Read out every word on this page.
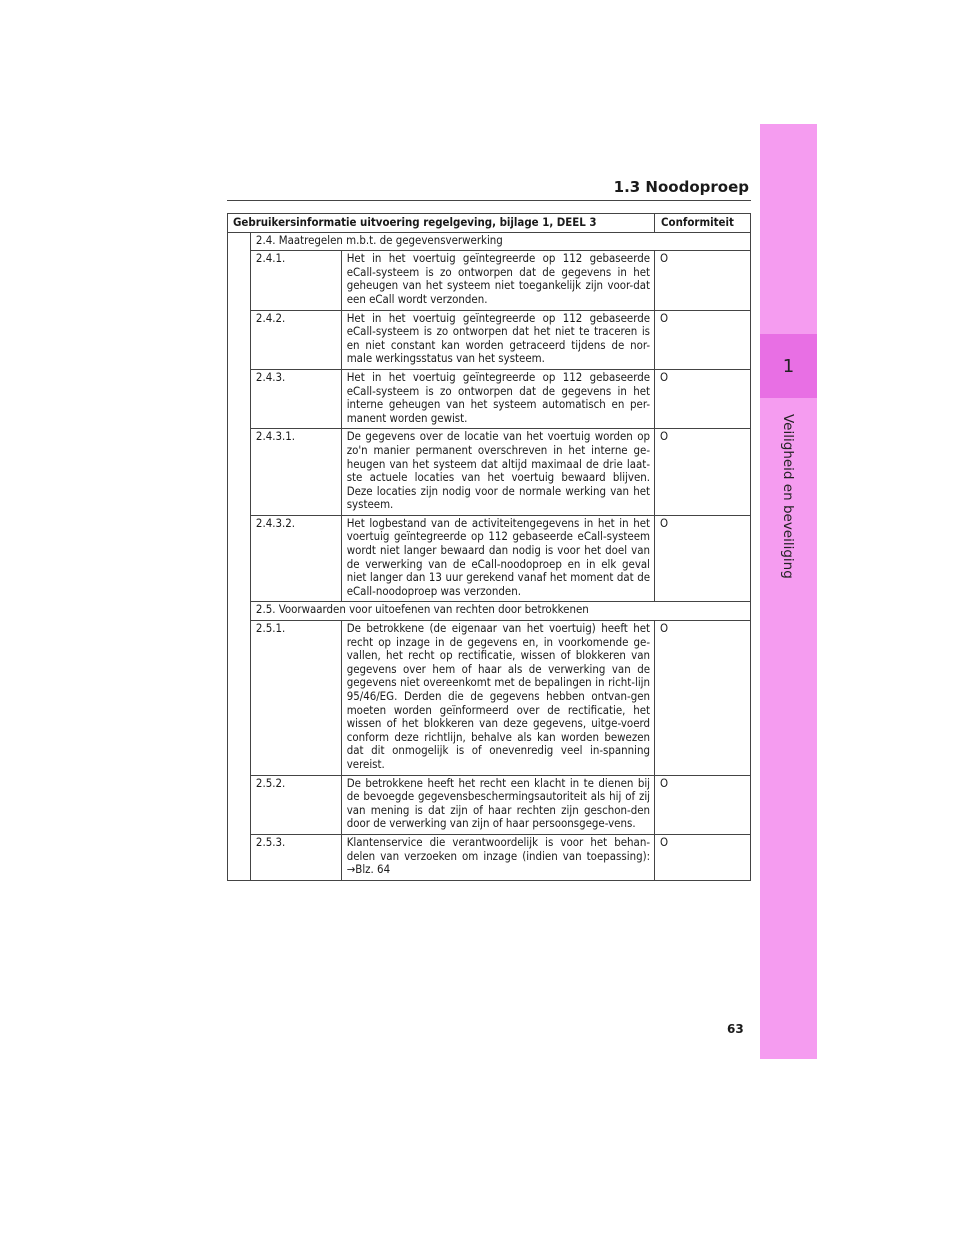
1
Veiligheid en beveiliging
1.3 Noodoproep
Gebruikersinformatie uitvoering regelgeving, bijlage 1, DEEL 3			Conformiteit
	2.4. Maatregelen m.b.t. de gegevensverwerking		
	2.4.1.	Het in het voertuig geïntegreerde op 112 gebaseerde eCall-systeem is zo ontworpen dat de gegevens in het geheugen van het systeem niet toegankelijk zijn voor-dat een eCall wordt verzonden.	O
	2.4.2.	Het in het voertuig geïntegreerde op 112 gebaseerde eCall-systeem is zo ontworpen dat het niet te traceren is en niet constant kan worden getraceerd tijdens de nor-male werkingsstatus van het systeem.	O
	2.4.3.	Het in het voertuig geïntegreerde op 112 gebaseerde eCall-systeem is zo ontworpen dat de gegevens in het interne geheugen van het systeem automatisch en per-manent worden gewist.	O
	2.4.3.1.	De gegevens over de locatie van het voertuig worden op zo'n manier permanent overschreven in het interne ge-heugen van het systeem dat altijd maximaal de drie laat-ste actuele locaties van het voertuig bewaard blijven. Deze locaties zijn nodig voor de normale werking van het systeem.	O
	2.4.3.2.	Het logbestand van de activiteitengegevens in het in het voertuig geïntegreerde op 112 gebaseerde eCall-systeem wordt niet langer bewaard dan nodig is voor het doel van de verwerking van de eCall-noodoproep en in elk geval niet langer dan 13 uur gerekend vanaf het moment dat de eCall-noodoproep was verzonden.	O
	2.5. Voorwaarden voor uitoefenen van rechten door betrokkenen		
	2.5.1.	De betrokkene (de eigenaar van het voertuig) heeft het recht op inzage in de gegevens en, in voorkomende ge-vallen, het recht op rectificatie, wissen of blokkeren van gegevens over hem of haar als de verwerking van de gegevens niet overeenkomt met de bepalingen in richt-lijn 95/46/EG. Derden die de gegevens hebben ontvan-gen moeten worden geïnformeerd over de rectificatie, het wissen of het blokkeren van deze gegevens, uitge-voerd conform deze richtlijn, behalve als kan worden bewezen dat dit onmogelijk is of onevenredig veel in-spanning vereist.	O
	2.5.2.	De betrokkene heeft het recht een klacht in te dienen bij de bevoegde gegevensbeschermingsautoriteit als hij of zij van mening is dat zijn of haar rechten zijn geschon-den door de verwerking van zijn of haar persoonsgege-vens.	O
	2.5.3.	Klantenservice die verantwoordelijk is voor het behan-delen van verzoeken om inzage (indien van toepassing): →Blz. 64	O
63
